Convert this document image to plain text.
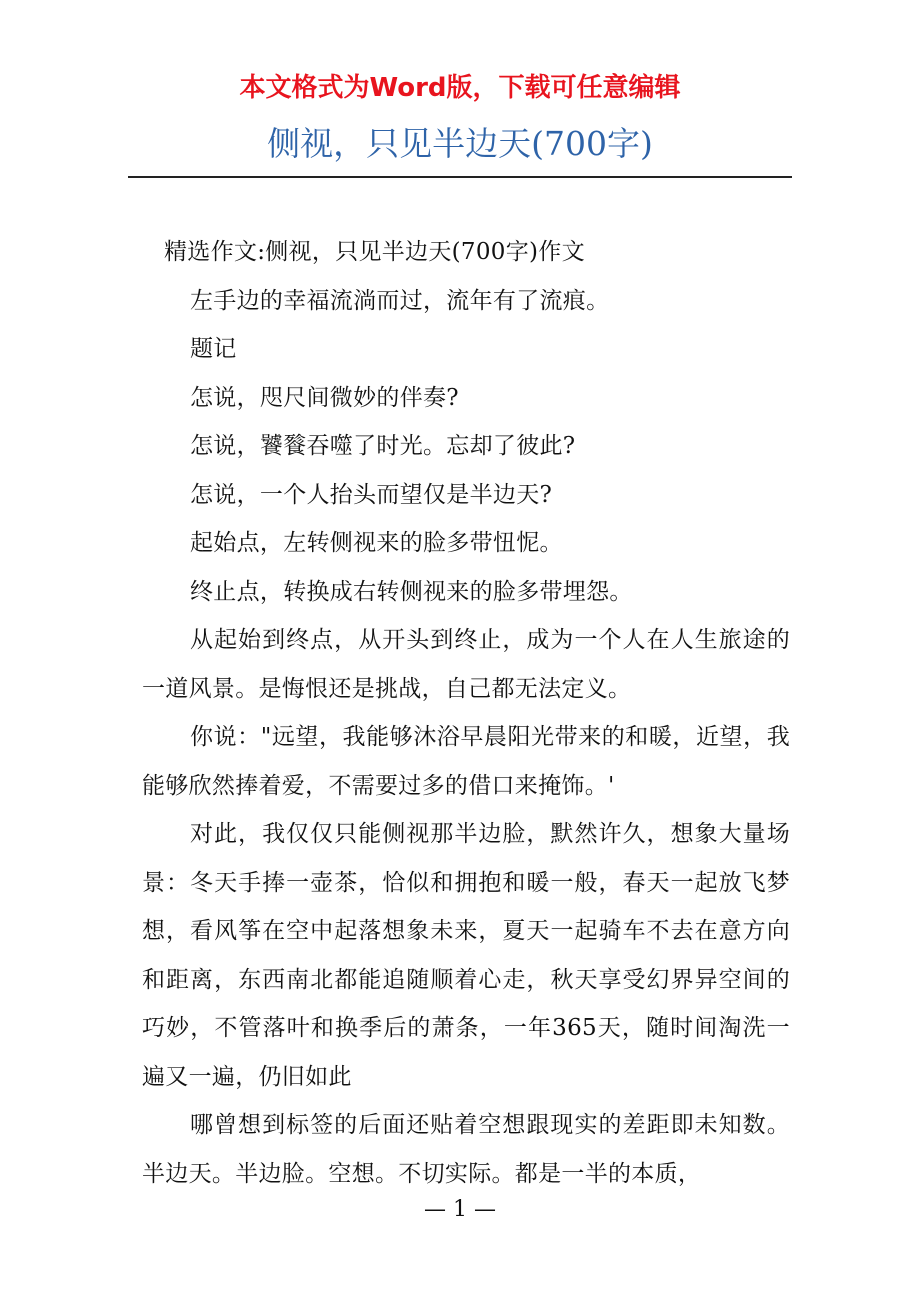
本文格式为Word版，下载可任意编辑
侧视，只见半边天(700字)

精选作文:侧视，只见半边天(700字)作文

左手边的幸福流淌而过，流年有了流痕。

题记

怎说，咫尺间微妙的伴奏?

怎说，饕餮吞噬了时光。忘却了彼此?

怎说，一个人抬头而望仅是半边天?

起始点，左转侧视来的脸多带忸怩。

终止点，转换成右转侧视来的脸多带埋怨。

从起始到终点，从开头到终止，成为一个人在人生旅途的一道风景。是悔恨还是挑战，自己都无法定义。

你说："远望，我能够沐浴早晨阳光带来的和暖，近望，我能够欣然捧着爱，不需要过多的借口来掩饰。'

对此，我仅仅只能侧视那半边脸，默然许久，想象大量场景：冬天手捧一壶茶，恰似和拥抱和暖一般，春天一起放飞梦想，看风筝在空中起落想象未来，夏天一起骑车不去在意方向和距离，东西南北都能追随顺着心走，秋天享受幻界异空间的巧妙，不管落叶和换季后的萧条，一年365天，随时间淘洗一遍又一遍，仍旧如此

哪曾想到标签的后面还贴着空想跟现实的差距即未知数。半边天。半边脸。空想。不切实际。都是一半的本质，

— 1 —
